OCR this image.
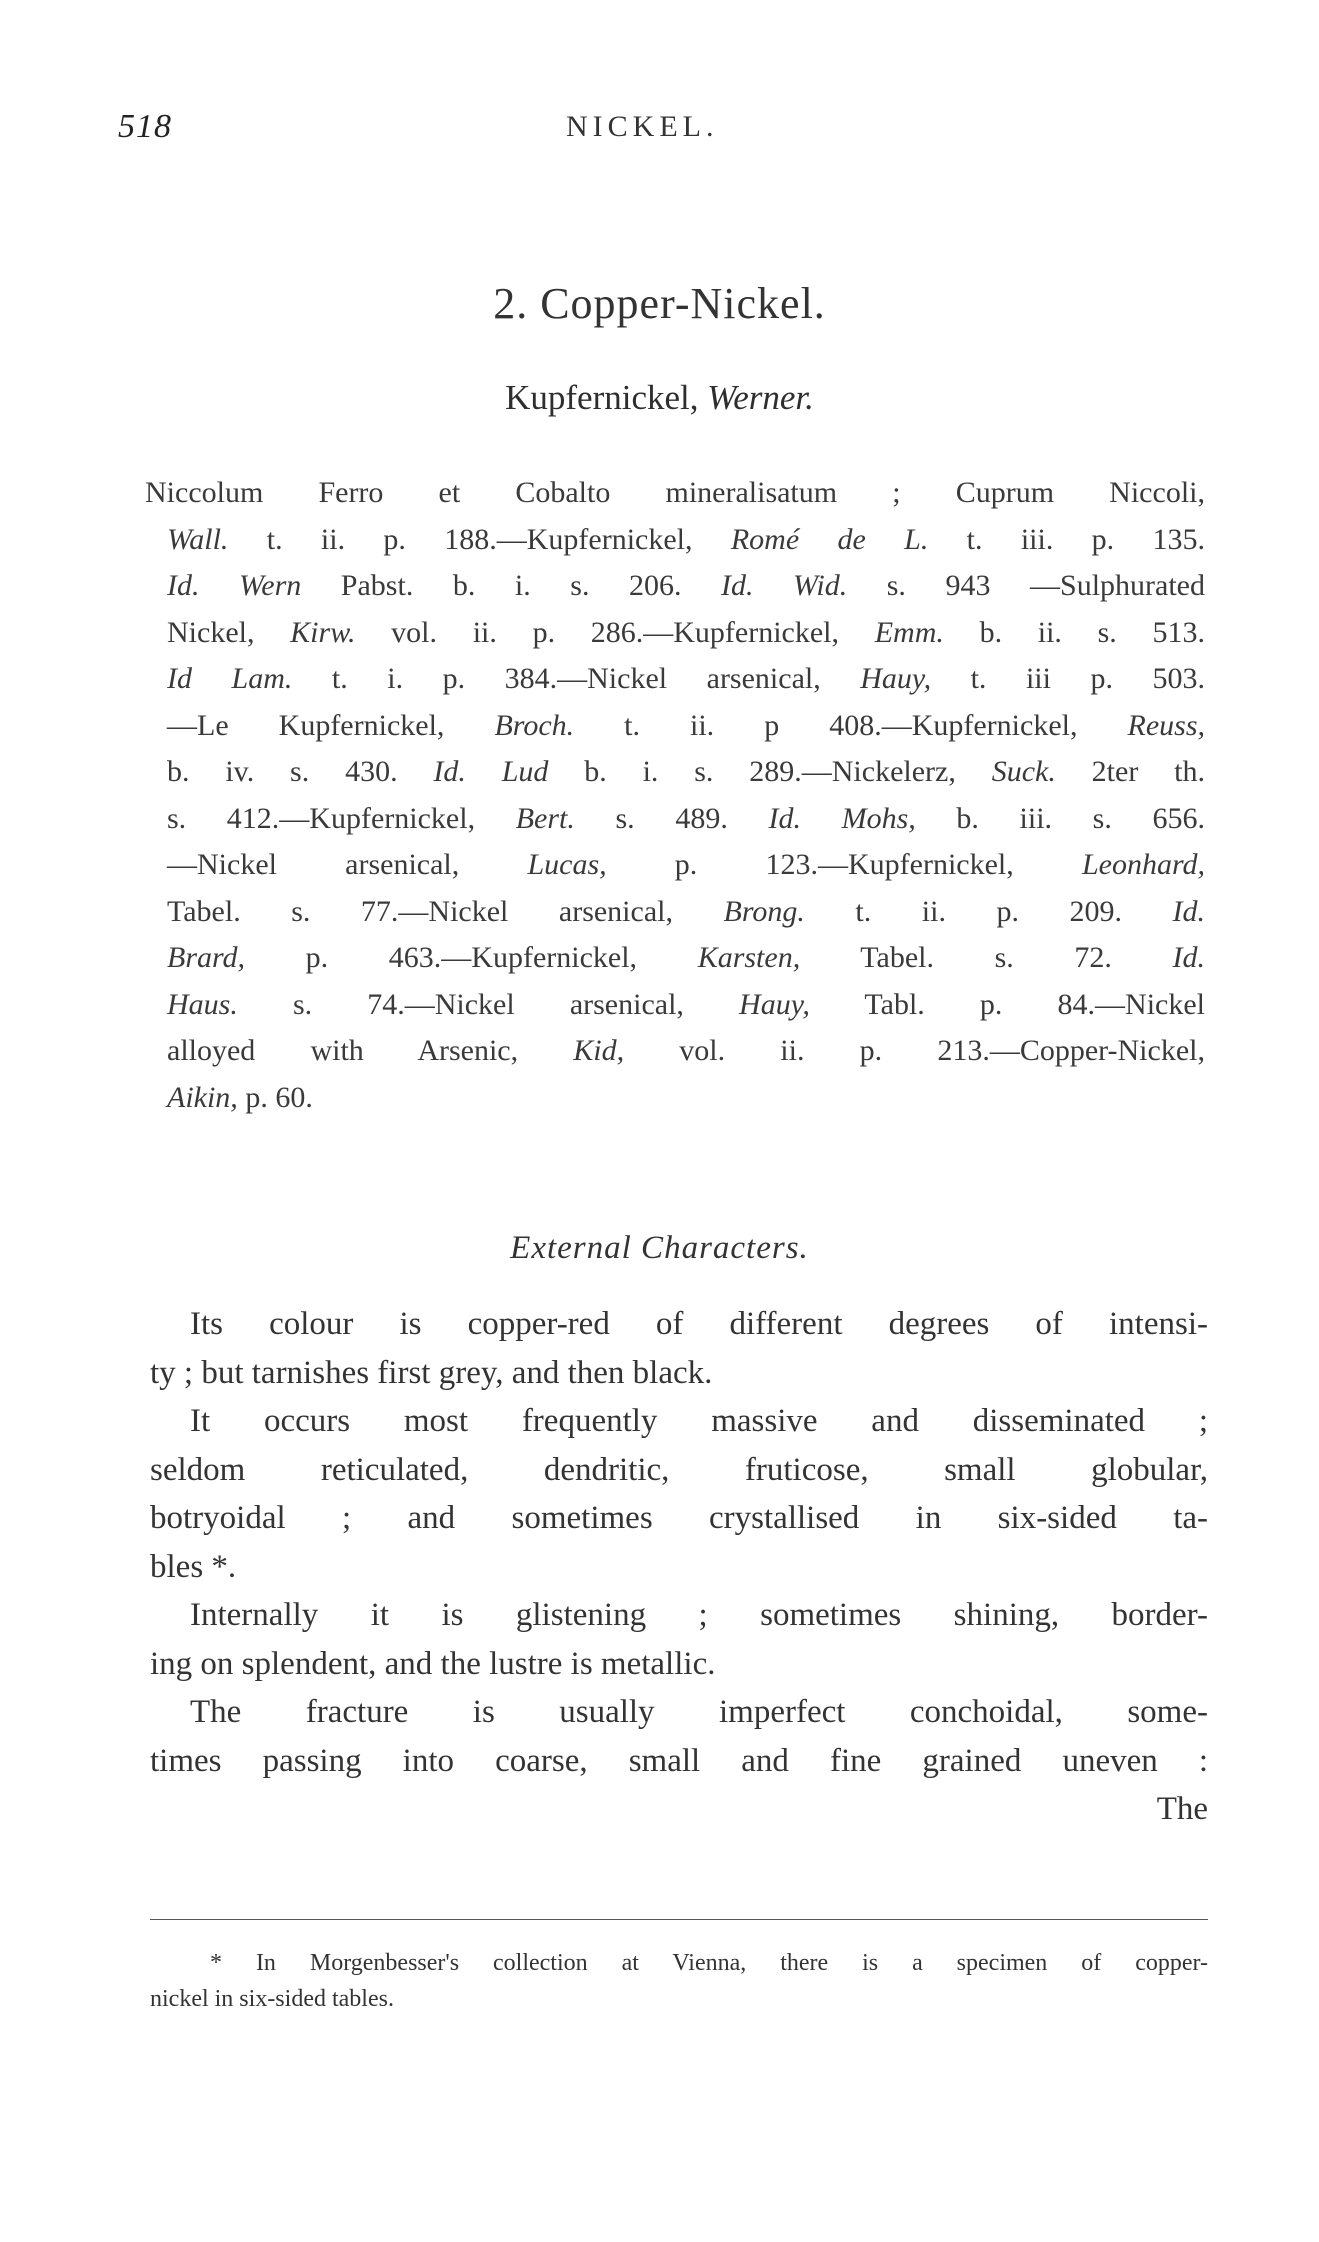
518	NICKEL.
2. Copper-Nickel.
Kupfernickel, Werner.
Niccolum Ferro et Cobalto mineralisatum ; Cuprum Niccoli,
Wall. t. ii. p. 188.—Kupfernickel, Romé de L. t. iii. p. 135.
Id. Wern Pabst. b. i. s. 206. Id. Wid. s. 943 —Sulphurated
Nickel, Kirw. vol. ii. p. 286.—Kupfernickel, Emm. b. ii. s. 513.
Id Lam. t. i. p. 384.—Nickel arsenical, Hauy, t. iii p. 503.
—Le Kupfernickel, Broch. t. ii. p 408.—Kupfernickel, Reuss,
b. iv. s. 430. Id. Lud b. i. s. 289.—Nickelerz, Suck. 2ter th.
s. 412.—Kupfernickel, Bert. s. 489. Id. Mohs, b. iii. s. 656.
—Nickel arsenical, Lucas, p. 123.—Kupfernickel, Leonhard,
Tabel. s. 77.—Nickel arsenical, Brong. t. ii. p. 209. Id.
Brard, p. 463.—Kupfernickel, Karsten, Tabel. s. 72. Id.
Haus. s. 74.—Nickel arsenical, Hauy, Tabl. p. 84.—Nickel
alloyed with Arsenic, Kid, vol. ii. p. 213.—Copper-Nickel,
Aikin, p. 60.
External Characters.
Its colour is copper-red of different degrees of intensi-
ty ; but tarnishes first grey, and then black.
It occurs most frequently massive and disseminated ;
seldom reticulated, dendritic, fruticose, small globular,
botryoidal ; and sometimes crystallised in six-sided ta-
bles *.
Internally it is glistening ; sometimes shining, border-
ing on splendent, and the lustre is metallic.
The fracture is usually imperfect conchoidal, some-
times passing into coarse, small and fine grained uneven :
The
* In Morgenbesser's collection at Vienna, there is a specimen of copper-
nickel in six-sided tables.
